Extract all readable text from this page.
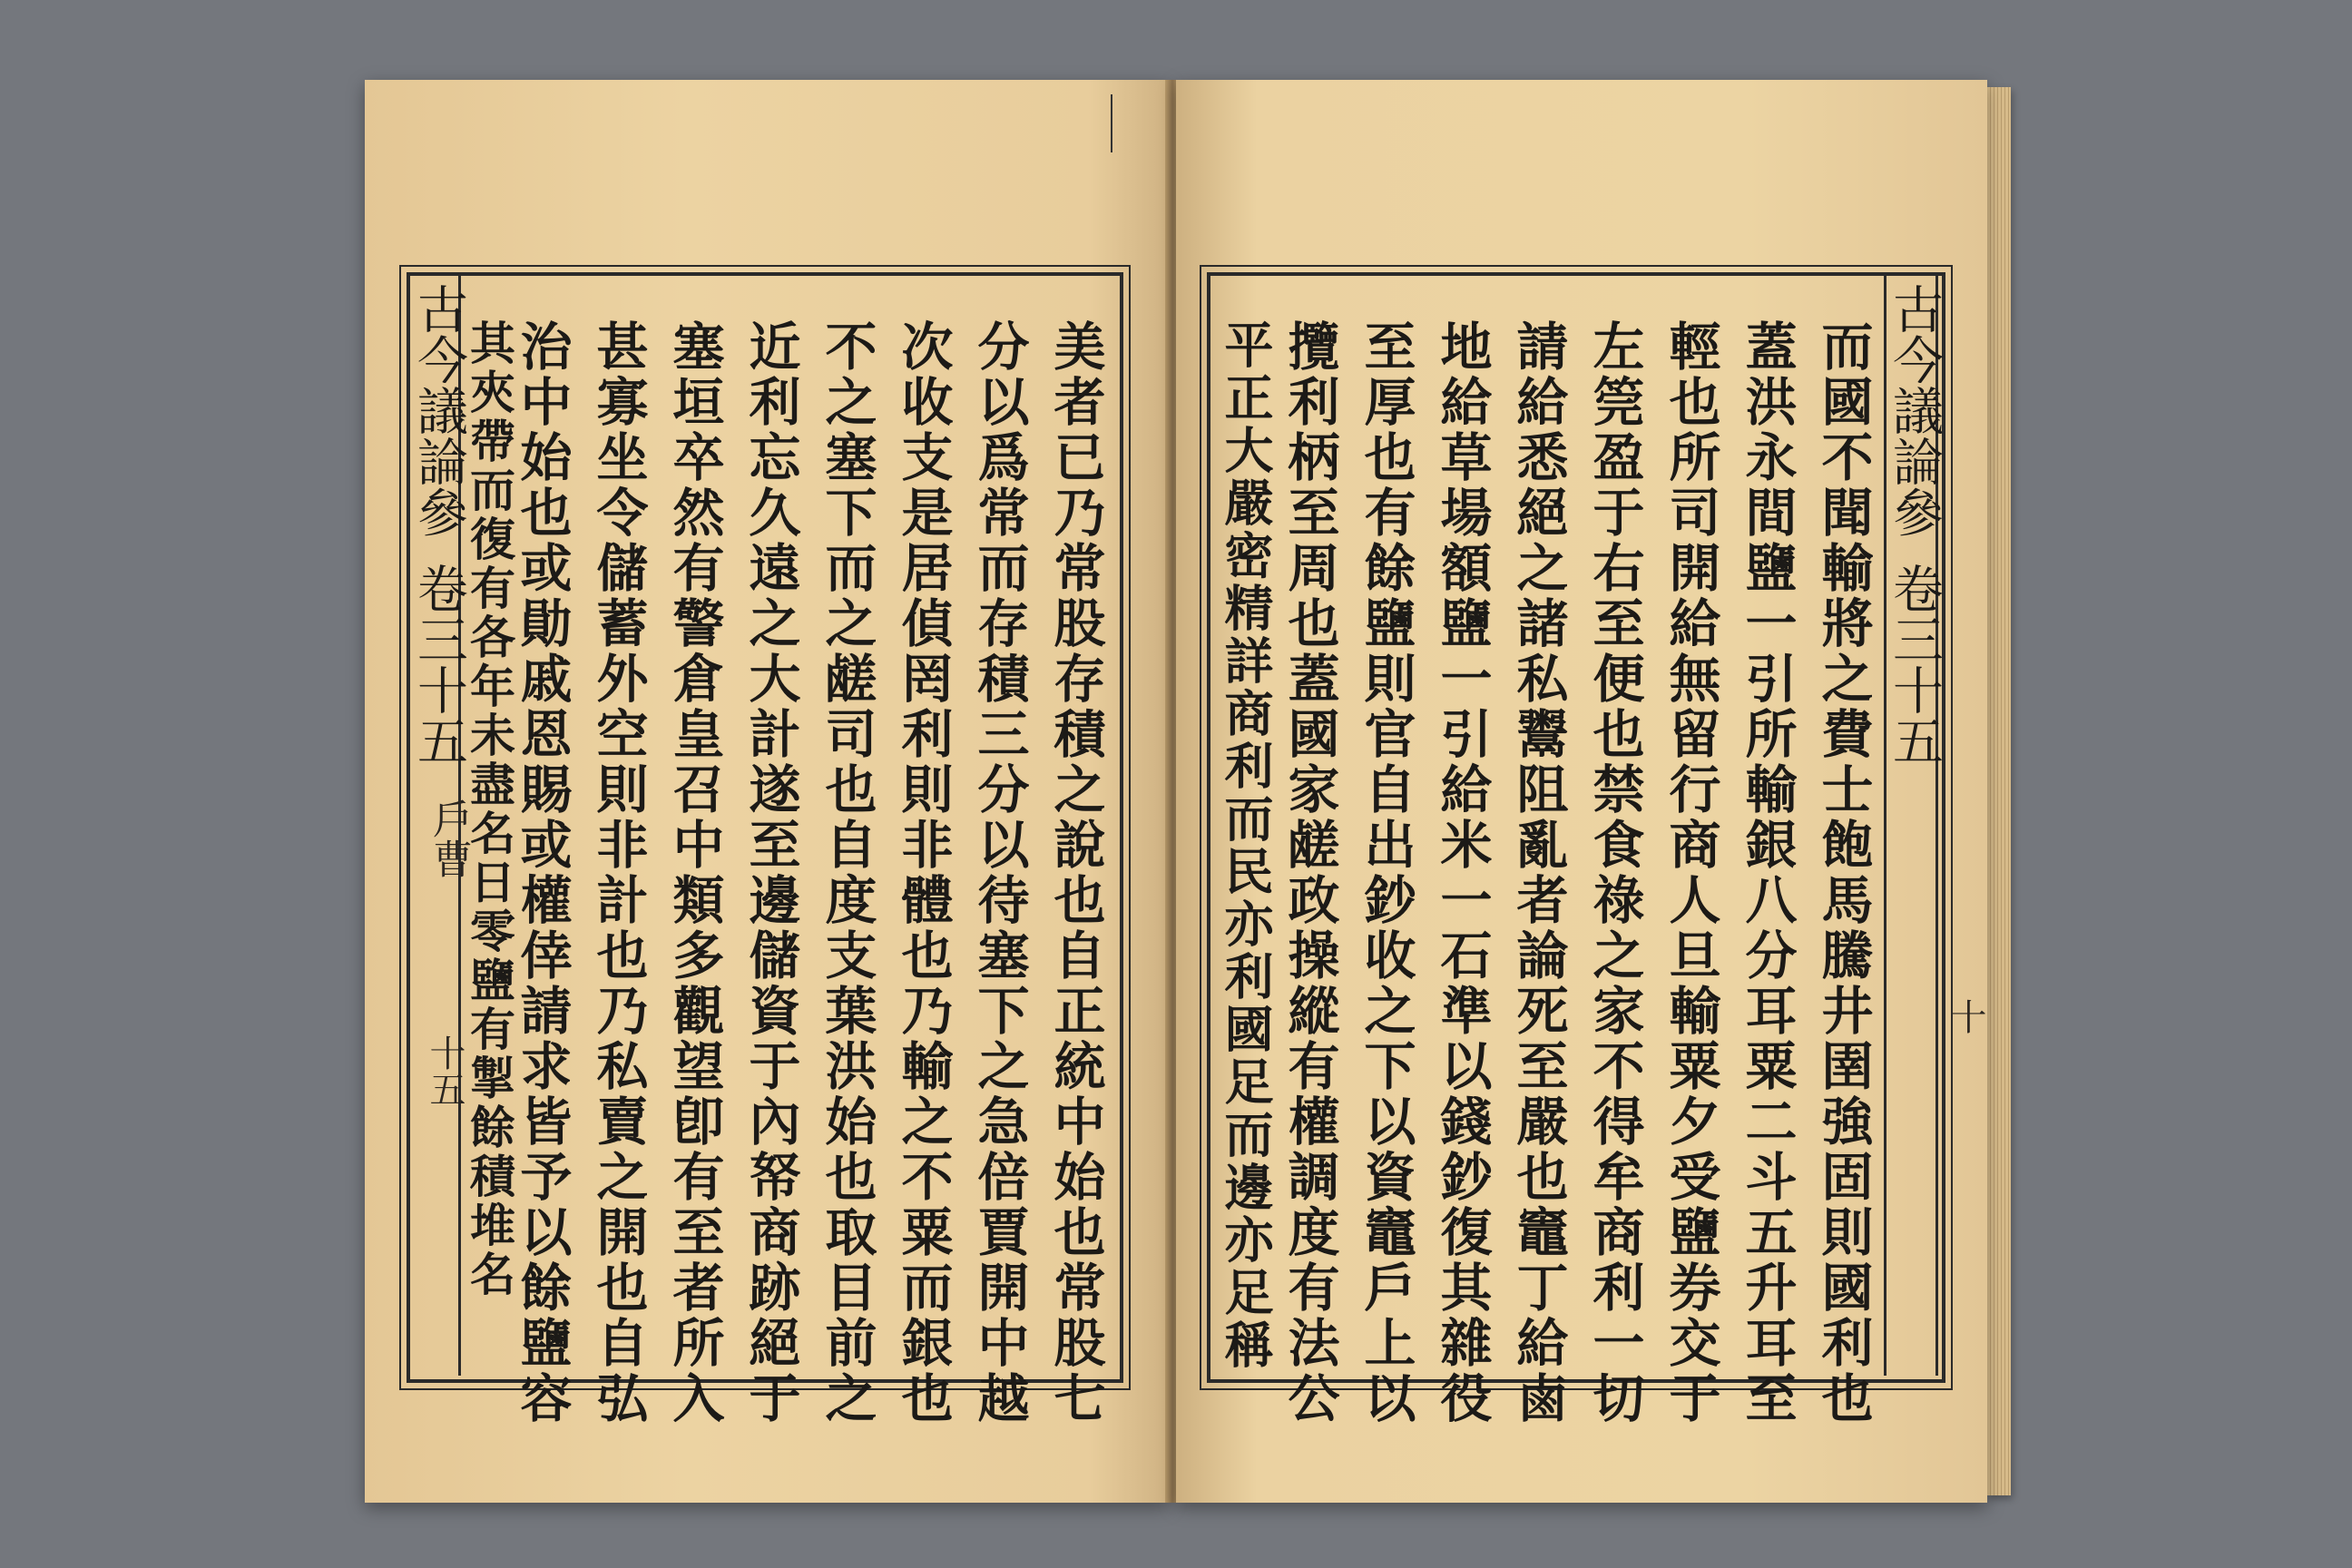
古今議論參
卷三十五
戶曹
十五	美者已乃常股存積之說也自正統中始也常股七
分以爲常而存積三分以待塞下之急倍賈開中越
次收支是居偵罔利則非體也乃輸之不粟而銀也
不之塞下而之鹾司也自度支葉洪始也取目前之
近利忘久遠之大計遂至邊儲資于內帑商跡絕于
塞垣卒然有警倉皇召中類多觀望卽有至者所入
甚寡坐令儲蓄外空則非計也乃私賣之開也自弘
治中始也或勛戚恩賜或權倖請求皆予以餘鹽容
其夾帶而復有各年未盡名日零鹽有掣餘積堆名	古今議論參
卷三十五
十
而國不聞輸將之費士飽馬騰井圉強固則國利也
蓋洪永間鹽一引所輸銀八分耳粟二斗五升耳至
輕也所司開給無留行商人旦輸粟夕受鹽券交于
左筦盈于右至便也禁食祿之家不得牟商利一切
請給悉絕之諸私鬻阻亂者論死至嚴也竈丁給鹵
地給草場額鹽一引給米一石準以錢鈔復其雜役
至厚也有餘鹽則官自出鈔收之下以資竈戶上以
攬利柄至周也蓋國家鹾政操縱有權調度有法公
平正大嚴密精詳商利而民亦利國足而邊亦足稱
